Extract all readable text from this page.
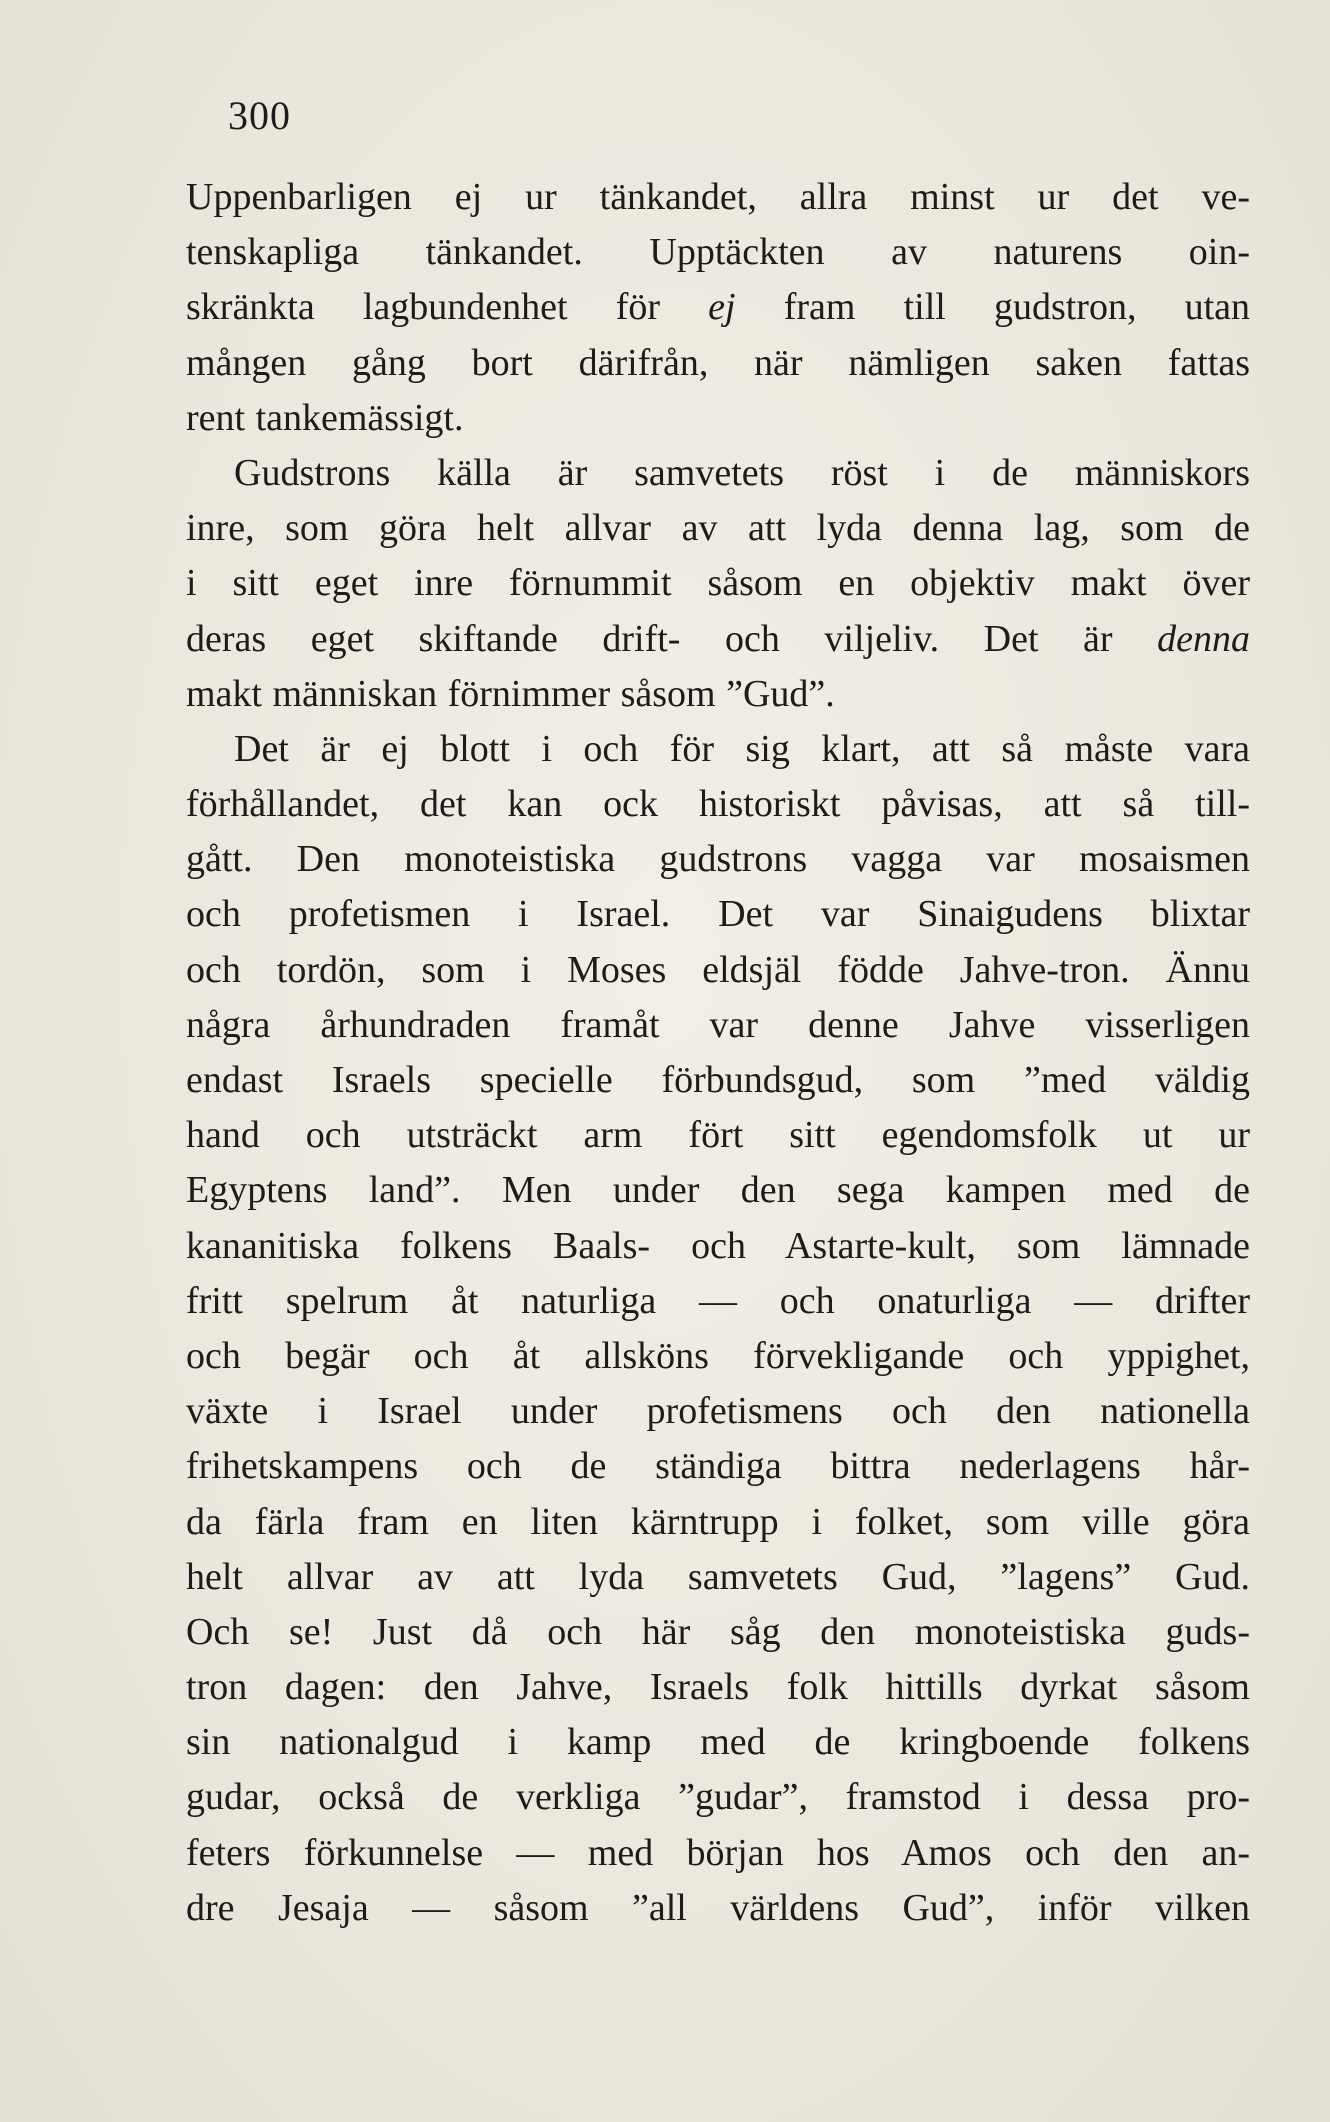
300
Uppenbarligen ej ur tänkandet, allra minst ur det ve-
tenskapliga tänkandet. Upptäckten av naturens oin-
skränkta lagbundenhet för ej fram till gudstron, utan
mången gång bort därifrån, när nämligen saken fattas
rent tankemässigt.
Gudstrons källa är samvetets röst i de människors
inre, som göra helt allvar av att lyda denna lag, som de
i sitt eget inre förnummit såsom en objektiv makt över
deras eget skiftande drift- och viljeliv. Det är denna
makt människan förnimmer såsom ”Gud”.
Det är ej blott i och för sig klart, att så måste vara
förhållandet, det kan ock historiskt påvisas, att så till-
gått. Den monoteistiska gudstrons vagga var mosaismen
och profetismen i Israel. Det var Sinaigudens blixtar
och tordön, som i Moses eldsjäl födde Jahve-tron. Ännu
några århundraden framåt var denne Jahve visserligen
endast Israels specielle förbundsgud, som ”med väldig
hand och utsträckt arm fört sitt egendomsfolk ut ur
Egyptens land”. Men under den sega kampen med de
kananitiska folkens Baals- och Astarte-kult, som lämnade
fritt spelrum åt naturliga — och onaturliga — drifter
och begär och åt allsköns förvekligande och yppighet,
växte i Israel under profetismens och den nationella
frihetskampens och de ständiga bittra nederlagens hår-
da färla fram en liten kärntrupp i folket, som ville göra
helt allvar av att lyda samvetets Gud, ”lagens” Gud.
Och se! Just då och här såg den monoteistiska guds-
tron dagen: den Jahve, Israels folk hittills dyrkat såsom
sin nationalgud i kamp med de kringboende folkens
gudar, också de verkliga ”gudar”, framstod i dessa pro-
feters förkunnelse — med början hos Amos och den an-
dre Jesaja — såsom ”all världens Gud”, inför vilken
